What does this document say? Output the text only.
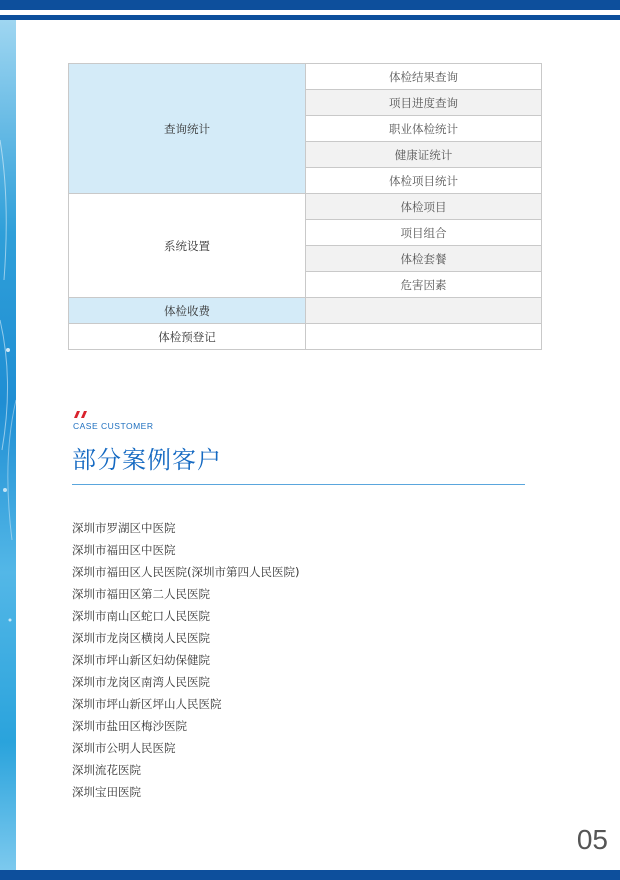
查询统计	体检结果查询
	项目进度查询
	职业体检统计
	健康证统计
	体检项目统计
系统设置	体检项目
	项目组合
	体检套餐
	危害因素
体检收费	
体检预登记	
CASE CUSTOMER
部分案例客户
深圳市罗湖区中医院
深圳市福田区中医院
深圳市福田区人民医院(深圳市第四人民医院)
深圳市福田区第二人民医院
深圳市南山区蛇口人民医院
深圳市龙岗区横岗人民医院
深圳市坪山新区妇幼保健院
深圳市龙岗区南湾人民医院
深圳市坪山新区坪山人民医院
深圳市盐田区梅沙医院
深圳市公明人民医院
深圳流花医院
深圳宝田医院
05
